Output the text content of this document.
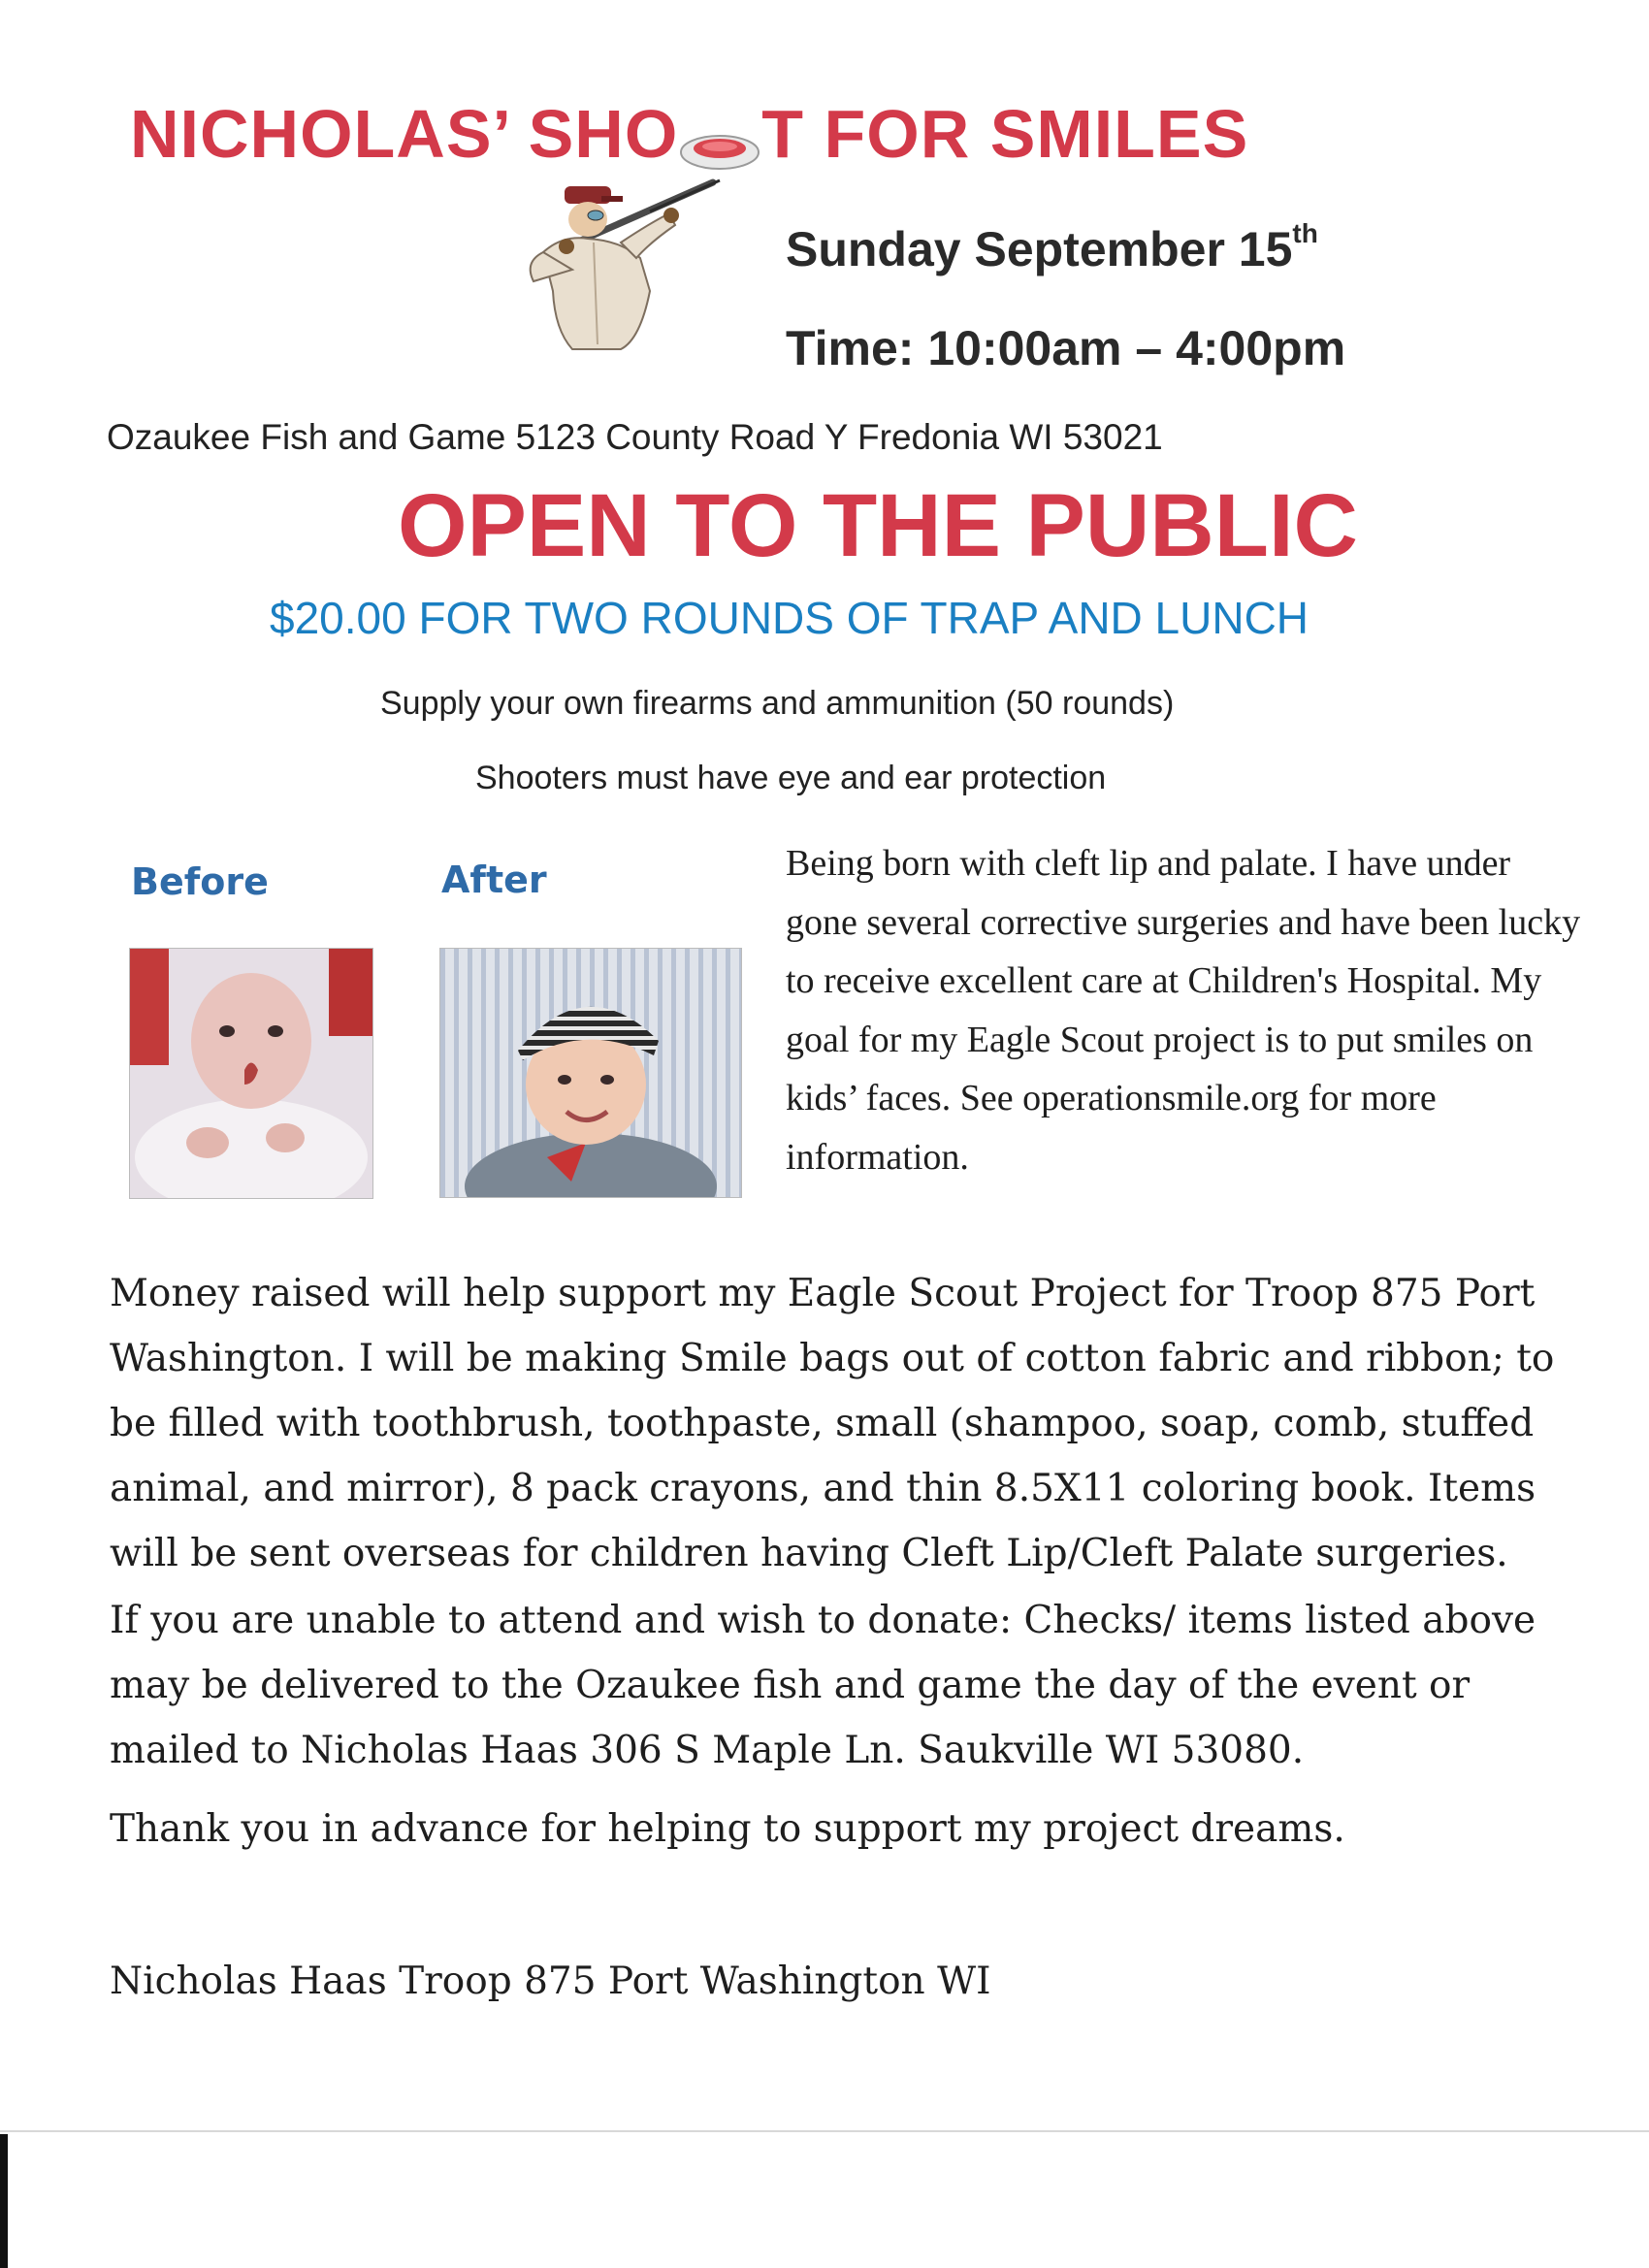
NICHOLAS’ SHO T FOR SMILES
Sunday September 15th
Time: 10:00am – 4:00pm
Ozaukee Fish and Game 5123 County Road Y Fredonia WI 53021
OPEN TO THE PUBLIC
$20.00 FOR TWO ROUNDS OF TRAP AND LUNCH
Supply your own firearms and ammunition (50 rounds)
Shooters must have eye and ear protection
Before	After	Being born with cleft lip and palate. I have under gone several corrective surgeries and have been lucky to receive excellent care at Children's Hospital. My goal for my Eagle Scout project is to put smiles on kids’ faces. See operationsmile.org for more information.
Money raised will help support my Eagle Scout Project for Troop 875 Port Washington. I will be making Smile bags out of cotton fabric and ribbon; to be filled with toothbrush, toothpaste, small (shampoo, soap, comb, stuffed animal, and mirror), 8 pack crayons, and thin 8.5X11 coloring book. Items will be sent overseas for children having Cleft Lip/Cleft Palate surgeries.
If you are unable to attend and wish to donate: Checks/ items listed above may be delivered to the Ozaukee fish and game the day of the event or mailed to Nicholas Haas 306 S Maple Ln. Saukville WI 53080.
Thank you in advance for helping to support my project dreams.
Nicholas Haas Troop 875 Port Washington WI
